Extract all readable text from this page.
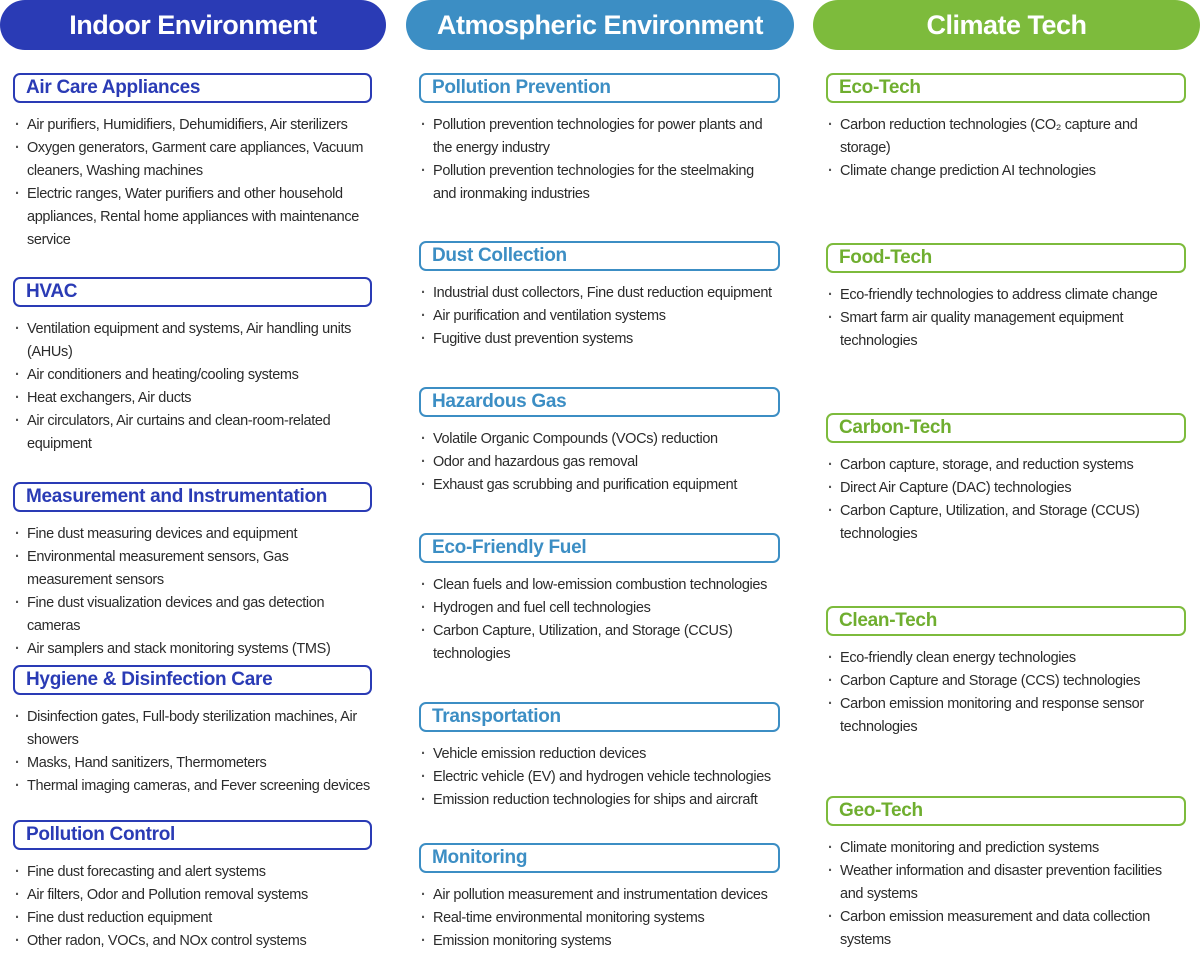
Indoor Environment
Air Care Appliances
· Air purifiers, Humidifiers, Dehumidifiers, Air sterilizers
· Oxygen generators, Garment care appliances, Vacuum cleaners, Washing machines
· Electric ranges, Water purifiers and other household appliances, Rental home appliances with maintenance service
HVAC
· Ventilation equipment and systems, Air handling units (AHUs)
· Air conditioners and heating/cooling systems
· Heat exchangers, Air ducts
· Air circulators, Air curtains and clean-room-related equipment
Measurement and Instrumentation
· Fine dust measuring devices and equipment
· Environmental measurement sensors, Gas measurement sensors
· Fine dust visualization devices and gas detection cameras
· Air samplers and stack monitoring systems (TMS)
Hygiene & Disinfection Care
· Disinfection gates, Full-body sterilization machines, Air showers
· Masks, Hand sanitizers, Thermometers
· Thermal imaging cameras, and Fever screening devices
Pollution Control
· Fine dust forecasting and alert systems
· Air filters, Odor and Pollution removal systems
· Fine dust reduction equipment
· Other radon, VOCs, and NOx control systems
Atmospheric Environment
Pollution Prevention
· Pollution prevention technologies for power plants and the energy industry
· Pollution prevention technologies for the steelmaking and ironmaking industries
Dust Collection
· Industrial dust collectors, Fine dust reduction equipment
· Air purification and ventilation systems
· Fugitive dust prevention systems
Hazardous Gas
· Volatile Organic Compounds (VOCs) reduction
· Odor and hazardous gas removal
· Exhaust gas scrubbing and purification equipment
Eco-Friendly Fuel
· Clean fuels and low-emission combustion technologies
· Hydrogen and fuel cell technologies
· Carbon Capture, Utilization, and Storage (CCUS) technologies
Transportation
· Vehicle emission reduction devices
· Electric vehicle (EV) and hydrogen vehicle technologies
· Emission reduction technologies for ships and aircraft
Monitoring
· Air pollution measurement and instrumentation devices
· Real-time environmental monitoring systems
· Emission monitoring systems
Climate Tech
Eco-Tech
· Carbon reduction technologies (CO₂ capture and storage)
· Climate change prediction AI technologies
Food-Tech
· Eco-friendly technologies to address climate change
· Smart farm air quality management equipment technologies
Carbon-Tech
· Carbon capture, storage, and reduction systems
· Direct Air Capture (DAC) technologies
· Carbon Capture, Utilization, and Storage (CCUS) technologies
Clean-Tech
· Eco-friendly clean energy technologies
· Carbon Capture and Storage (CCS) technologies
· Carbon emission monitoring and response sensor technologies
Geo-Tech
· Climate monitoring and prediction systems
· Weather information and disaster prevention facilities and systems
· Carbon emission measurement and data collection systems
